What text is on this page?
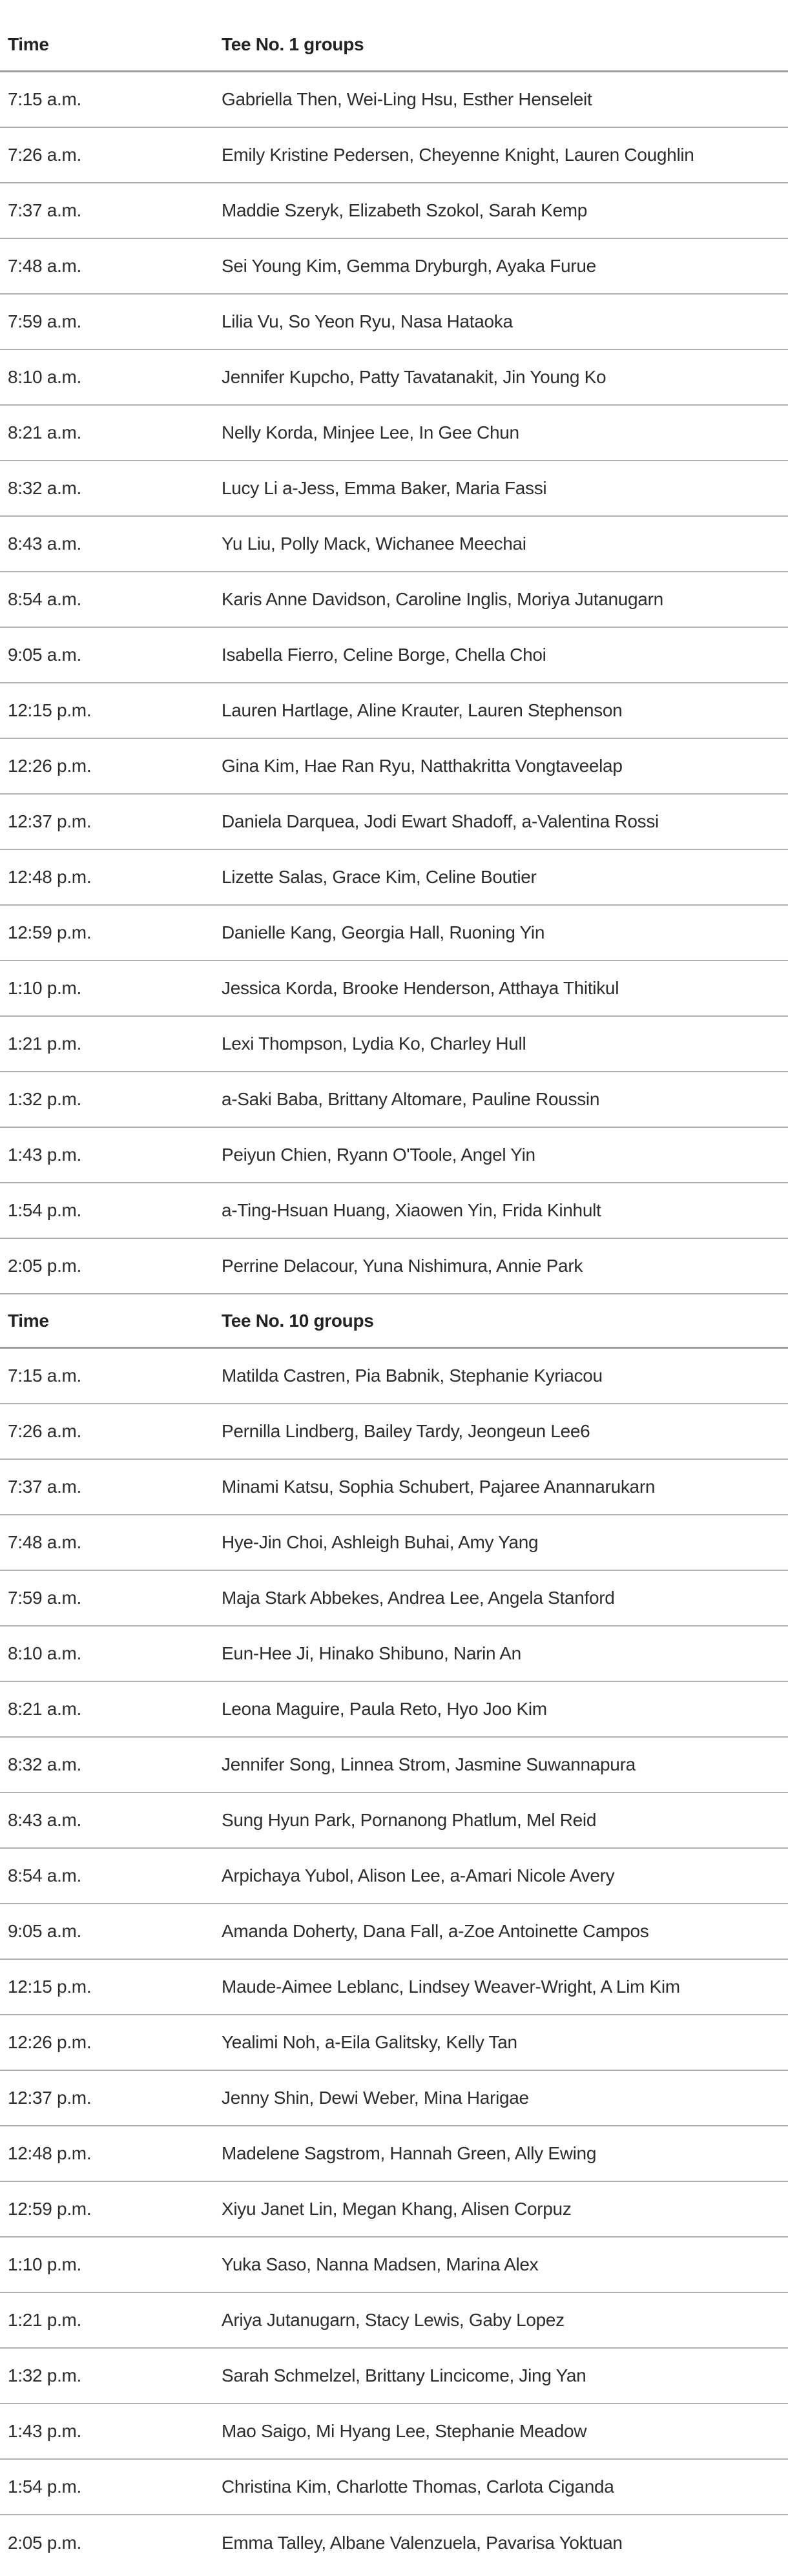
Time	Tee No. 1 groups
7:15 a.m.	Gabriella Then, Wei-Ling Hsu, Esther Henseleit
7:26 a.m.	Emily Kristine Pedersen, Cheyenne Knight, Lauren Coughlin
7:37 a.m.	Maddie Szeryk, Elizabeth Szokol, Sarah Kemp
7:48 a.m.	Sei Young Kim, Gemma Dryburgh, Ayaka Furue
7:59 a.m.	Lilia Vu, So Yeon Ryu, Nasa Hataoka
8:10 a.m.	Jennifer Kupcho, Patty Tavatanakit, Jin Young Ko
8:21 a.m.	Nelly Korda, Minjee Lee, In Gee Chun
8:32 a.m.	Lucy Li a-Jess, Emma Baker, Maria Fassi
8:43 a.m.	Yu Liu, Polly Mack, Wichanee Meechai
8:54 a.m.	Karis Anne Davidson, Caroline Inglis, Moriya Jutanugarn
9:05 a.m.	Isabella Fierro, Celine Borge, Chella Choi
12:15 p.m.	Lauren Hartlage, Aline Krauter, Lauren Stephenson
12:26 p.m.	Gina Kim, Hae Ran Ryu, Natthakritta Vongtaveelap
12:37 p.m.	Daniela Darquea, Jodi Ewart Shadoff, a-Valentina Rossi
12:48 p.m.	Lizette Salas, Grace Kim, Celine Boutier
12:59 p.m.	Danielle Kang, Georgia Hall, Ruoning Yin
1:10 p.m.	Jessica Korda, Brooke Henderson, Atthaya Thitikul
1:21 p.m.	Lexi Thompson, Lydia Ko, Charley Hull
1:32 p.m.	a-Saki Baba, Brittany Altomare, Pauline Roussin
1:43 p.m.	Peiyun Chien, Ryann O'Toole, Angel Yin
1:54 p.m.	a-Ting-Hsuan Huang, Xiaowen Yin, Frida Kinhult
2:05 p.m.	Perrine Delacour, Yuna Nishimura, Annie Park
Time	Tee No. 10 groups
7:15 a.m.	Matilda Castren, Pia Babnik, Stephanie Kyriacou
7:26 a.m.	Pernilla Lindberg, Bailey Tardy, Jeongeun Lee6
7:37 a.m.	Minami Katsu, Sophia Schubert, Pajaree Anannarukarn
7:48 a.m.	Hye-Jin Choi, Ashleigh Buhai, Amy Yang
7:59 a.m.	Maja Stark Abbekes, Andrea Lee, Angela Stanford
8:10 a.m.	Eun-Hee Ji, Hinako Shibuno, Narin An
8:21 a.m.	Leona Maguire, Paula Reto, Hyo Joo Kim
8:32 a.m.	Jennifer Song, Linnea Strom, Jasmine Suwannapura
8:43 a.m.	Sung Hyun Park, Pornanong Phatlum, Mel Reid
8:54 a.m.	Arpichaya Yubol, Alison Lee, a-Amari Nicole Avery
9:05 a.m.	Amanda Doherty, Dana Fall, a-Zoe Antoinette Campos
12:15 p.m.	Maude-Aimee Leblanc, Lindsey Weaver-Wright, A Lim Kim
12:26 p.m.	Yealimi Noh, a-Eila Galitsky, Kelly Tan
12:37 p.m.	Jenny Shin, Dewi Weber, Mina Harigae
12:48 p.m.	Madelene Sagstrom, Hannah Green, Ally Ewing
12:59 p.m.	Xiyu Janet Lin, Megan Khang, Alisen Corpuz
1:10 p.m.	Yuka Saso, Nanna Madsen, Marina Alex
1:21 p.m.	Ariya Jutanugarn, Stacy Lewis, Gaby Lopez
1:32 p.m.	Sarah Schmelzel, Brittany Lincicome, Jing Yan
1:43 p.m.	Mao Saigo, Mi Hyang Lee, Stephanie Meadow
1:54 p.m.	Christina Kim, Charlotte Thomas, Carlota Ciganda
2:05 p.m.	Emma Talley, Albane Valenzuela, Pavarisa Yoktuan
